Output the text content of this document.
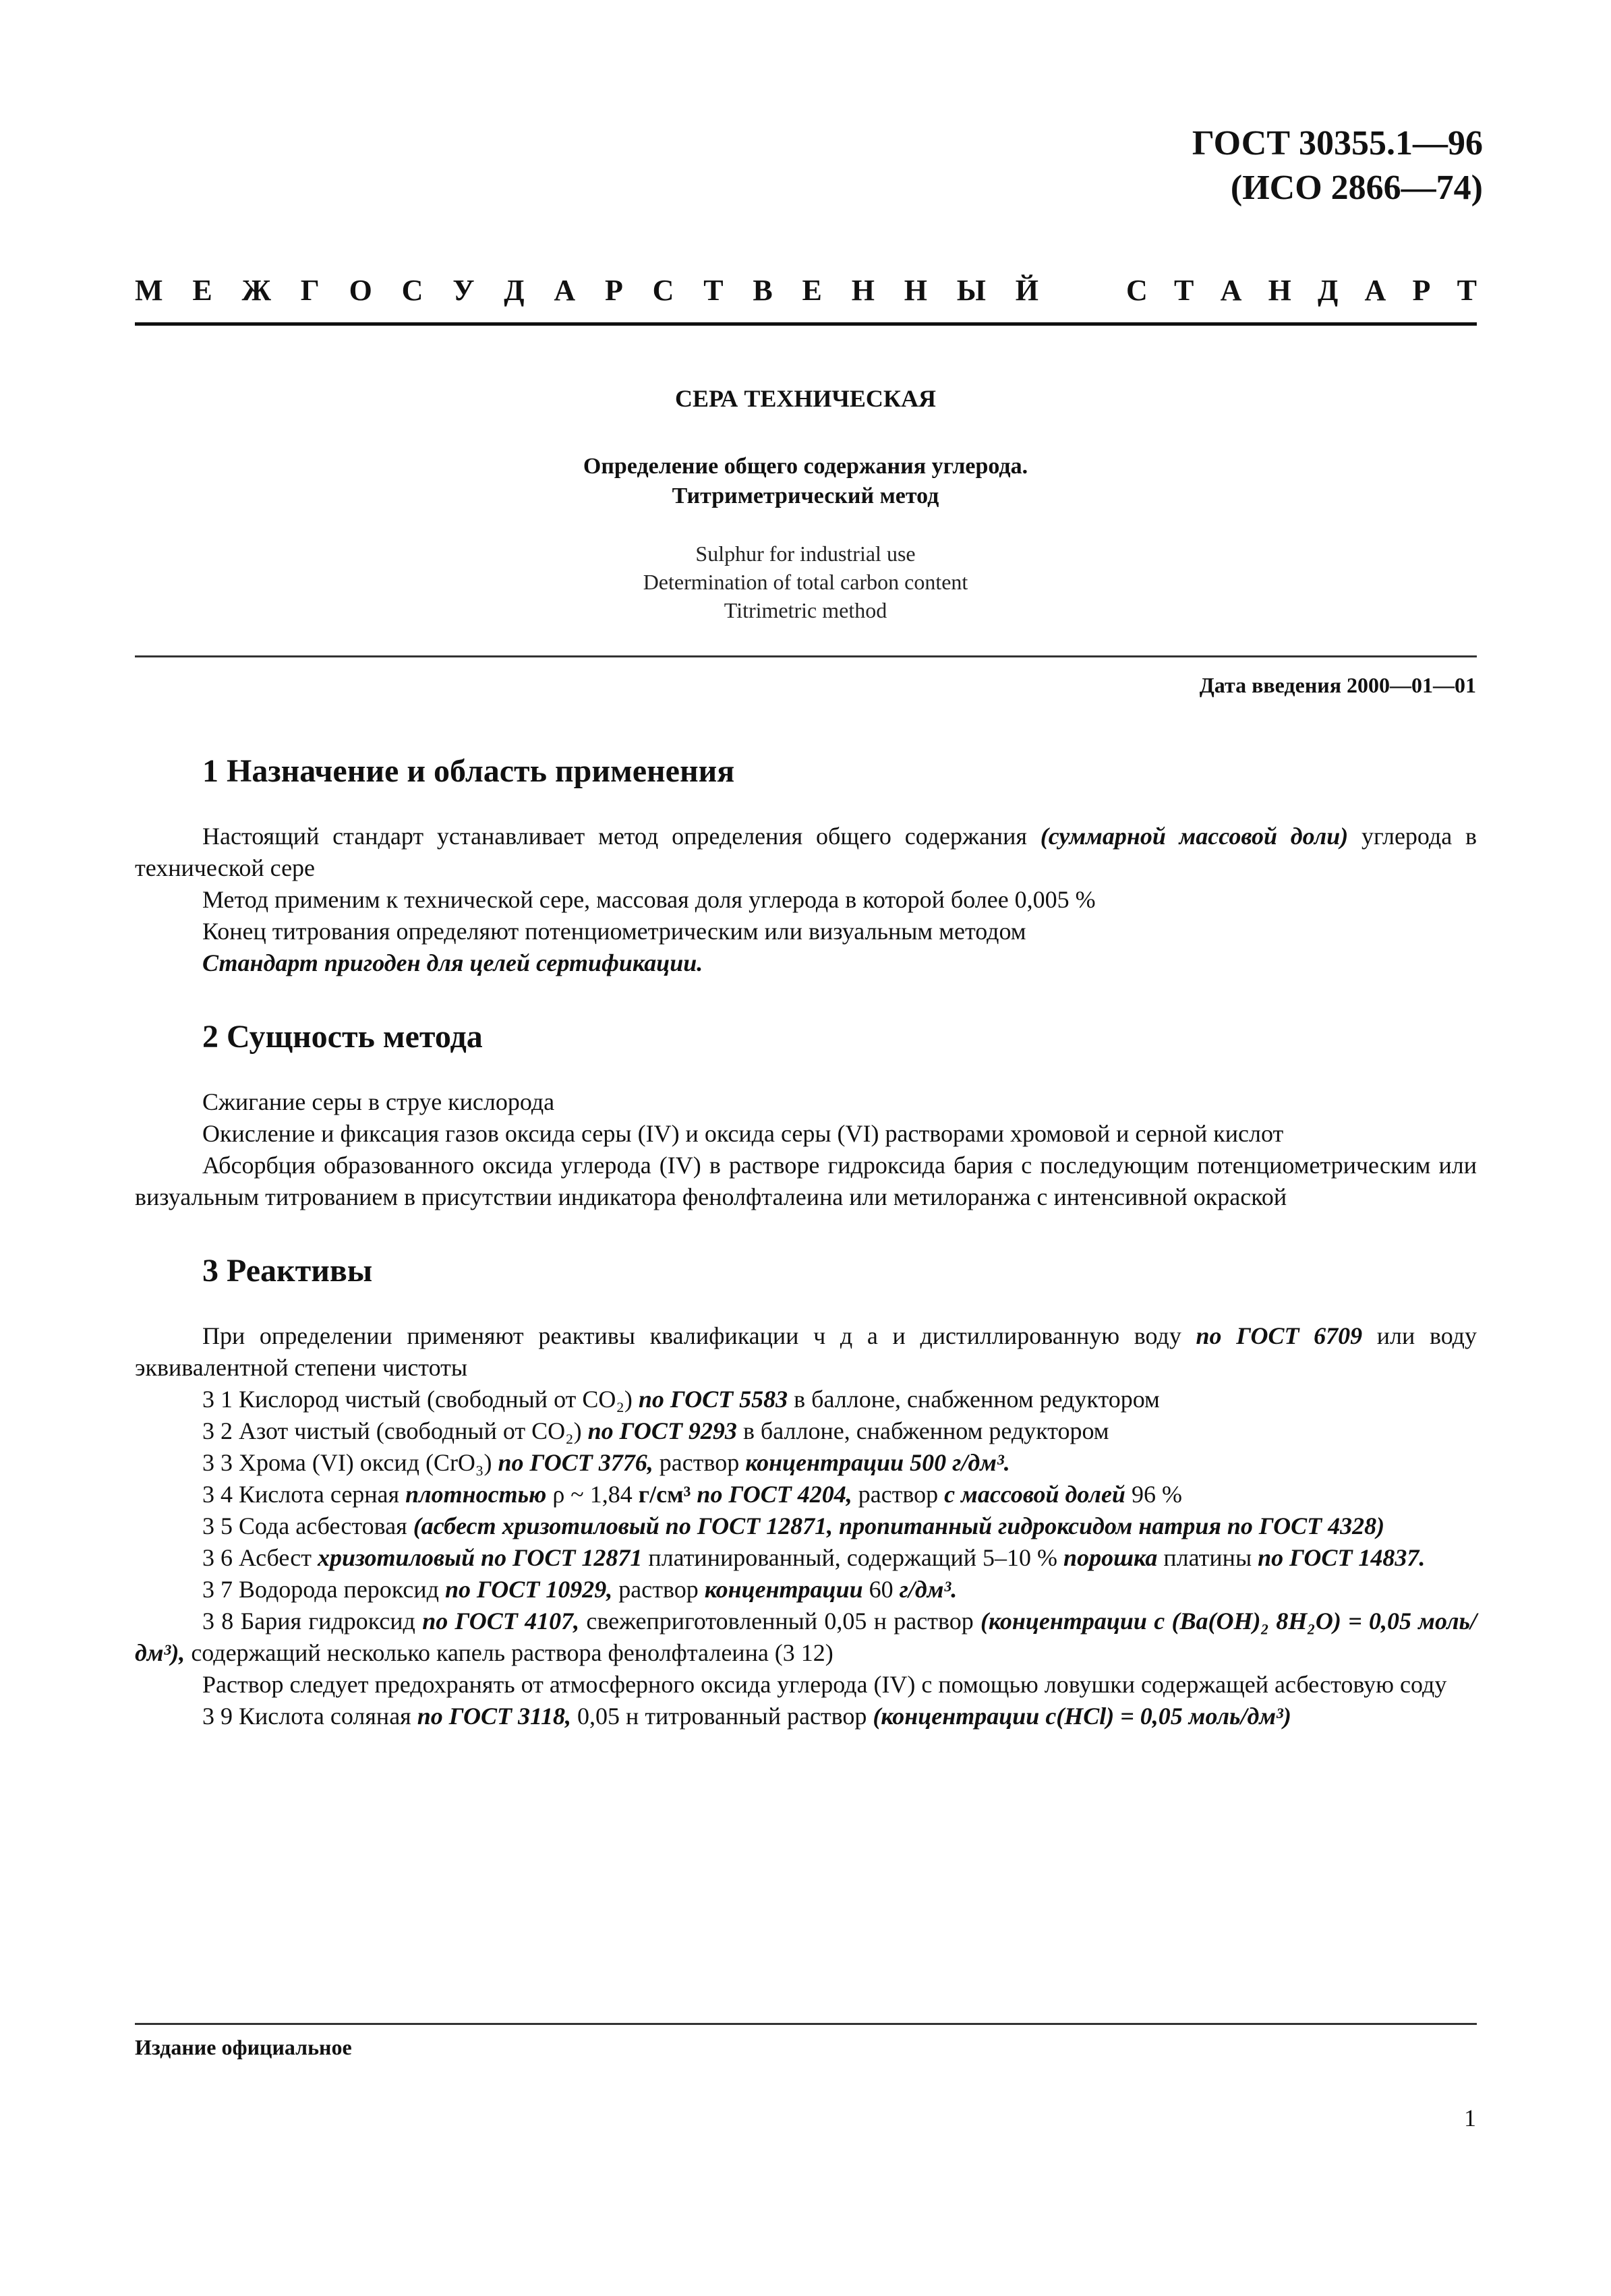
ГОСТ 30355.1—96
(ИСО 2866—74)
М Е Ж Г О С У Д А Р С Т В Е Н Н Ы Й	С Т А Н Д А Р Т
СЕРА ТЕХНИЧЕСКАЯ
Определение общего содержания углерода.
Титриметрический метод
Sulphur for industrial use
Determination of total carbon content
Titrimetric method
Дата введения 2000—01—01
1 Назначение и область применения

Настоящий стандарт устанавливает метод определения общего содержания (суммарной массовой доли) углерода в технической сере

Метод применим к технической сере, массовая доля углерода в которой более 0,005 %

Конец титрования определяют потенциометрическим или визуальным методом

Стандарт пригоден для целей сертификации.

2 Сущность метода

Сжигание серы в струе кислорода

Окисление и фиксация газов оксида серы (IV) и оксида серы (VI) растворами хромовой и серной кислот

Абсорбция образованного оксида углерода (IV) в растворе гидроксида бария с последующим потенциометрическим или визуальным титрованием в присутствии индикатора фенолфталеина или метилоранжа с интенсивной окраской

3 Реактивы

При определении применяют реактивы квалификации ч д а и дистиллированную воду по ГОСТ 6709 или воду эквивалентной степени чистоты

3 1 Кислород чистый (свободный от CO₂) по ГОСТ 5583 в баллоне, снабженном редуктором

3 2 Азот чистый (свободный от CO₂) по ГОСТ 9293 в баллоне, снабженном редуктором

3 3 Хрома (VI) оксид (CrO₃) по ГОСТ 3776, раствор концентрации 500 г/дм³.

3 4 Кислота серная плотностью ρ ~ 1,84 г/см³ по ГОСТ 4204, раствор с массовой долей 96 %

3 5 Сода асбестовая (асбест хризотиловый по ГОСТ 12871, пропитанный гидроксидом натрия по ГОСТ 4328)

3 6 Асбест хризотиловый по ГОСТ 12871 платинированный, содержащий 5–10 % порошка платины по ГОСТ 14837.

3 7 Водорода пероксид по ГОСТ 10929, раствор концентрации 60 г/дм³.

3 8 Бария гидроксид по ГОСТ 4107, свежеприготовленный 0,05 н раствор (концентрации с (Ba(OH)₂ 8H₂O) = 0,05 моль/дм³), содержащий несколько капель раствора фенолфталеина (3 12)

Раствор следует предохранять от атмосферного оксида углерода (IV) с помощью ловушки содержащей асбестовую соду

3 9 Кислота соляная по ГОСТ 3118, 0,05 н титрованный раствор (концентрации с(HCl) = 0,05 моль/дм³)

Издание официальное
1
